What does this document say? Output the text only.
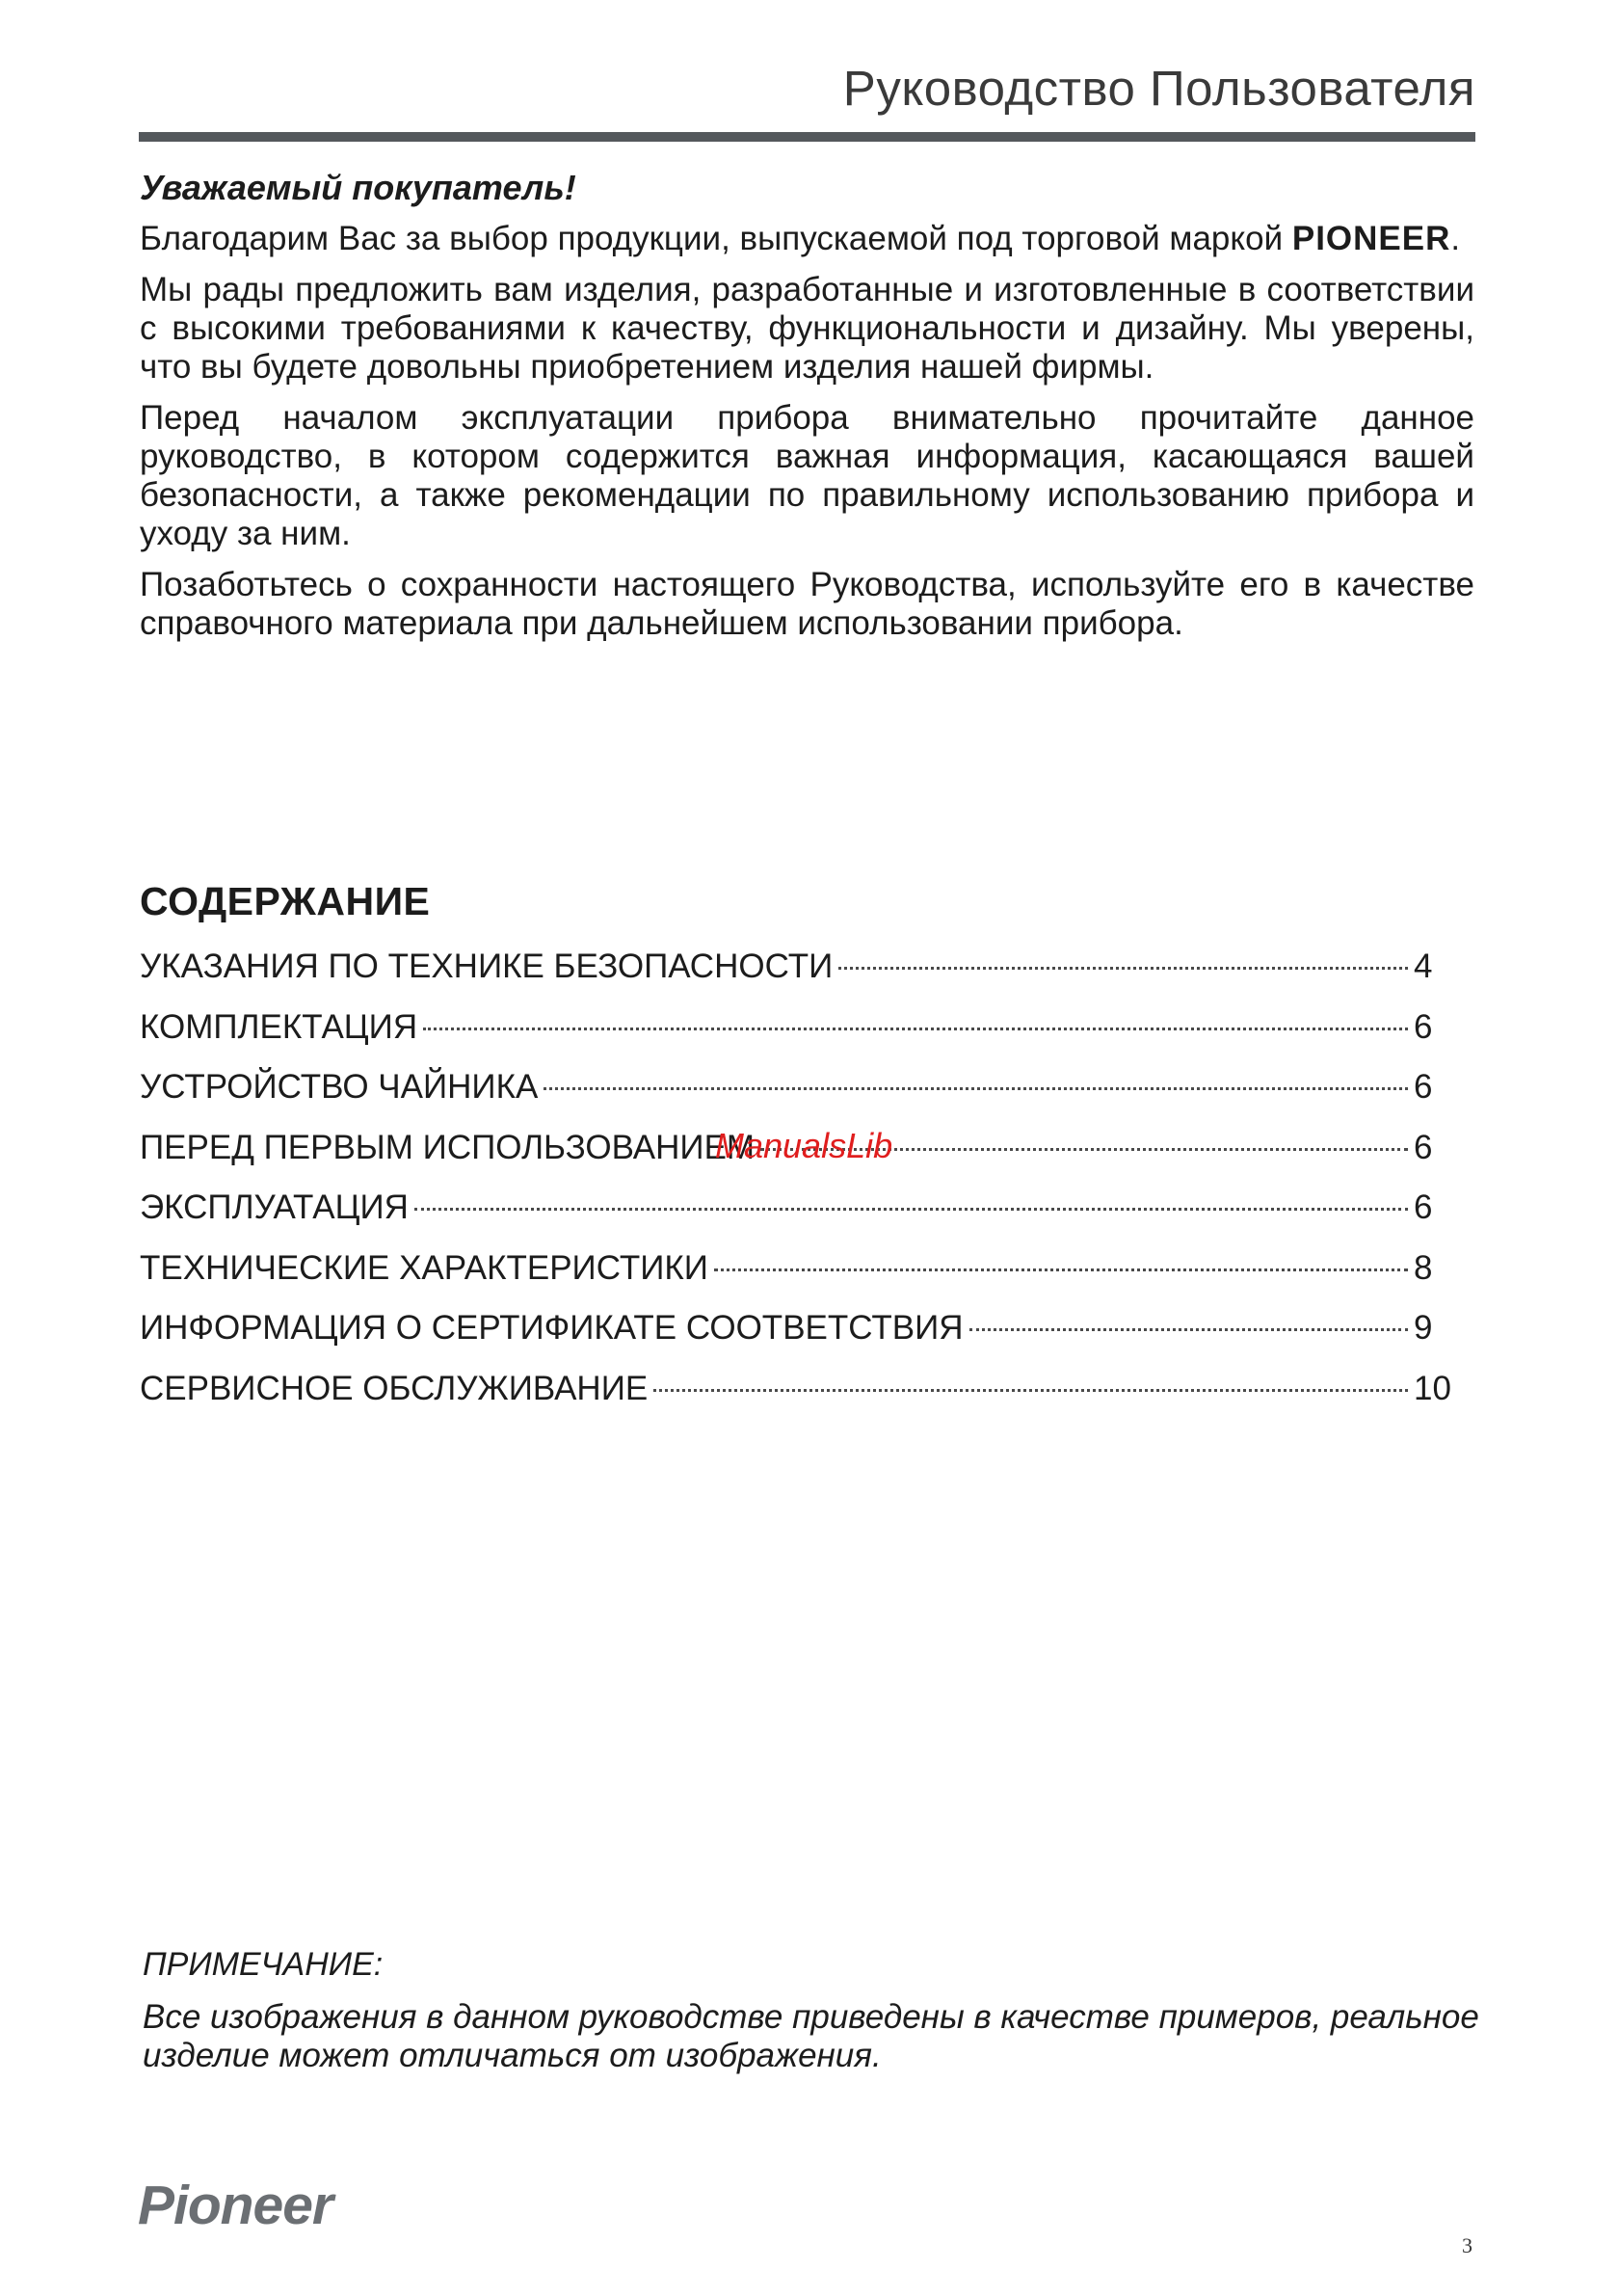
Руководство Пользователя

Уважаемый покупатель!

Благодарим Вас за выбор продукции, выпускаемой под торговой маркой PIONEER.

Мы рады предложить вам изделия, разработанные и изготовленные в соответствии с высокими требованиями к качеству, функциональности и дизайну. Мы уверены, что вы будете довольны приобретением изделия нашей фирмы.

Перед началом эксплуатации прибора внимательно прочитайте данное руководство, в котором содержится важная информация, касающаяся вашей безопасности, а также рекомендации по правильному использованию прибора и уходу за ним.

Позаботьтесь о сохранности настоящего Руководства, используйте его в качестве справочного материала при дальнейшем использовании прибора.

СОДЕРЖАНИЕ
УКАЗАНИЯ ПО ТЕХНИКЕ БЕЗОПАСНОСТИ	4
КОМПЛЕКТАЦИЯ	6
УСТРОЙСТВО ЧАЙНИКА	6
ПЕРЕД ПЕРВЫМ ИСПОЛЬЗОВАНИЕМ	6
ЭКСПЛУАТАЦИЯ	6
ТЕХНИЧЕСКИЕ ХАРАКТЕРИСТИКИ	8
ИНФОРМАЦИЯ О СЕРТИФИКАТЕ СООТВЕТСТВИЯ	9
СЕРВИСНОЕ ОБСЛУЖИВАНИЕ	10
ManualsLib

ПРИМЕЧАНИЕ:

Все изображения в данном руководстве приведены в качестве примеров, реальное изделие может отличаться от изображения.

Pioneer
3
